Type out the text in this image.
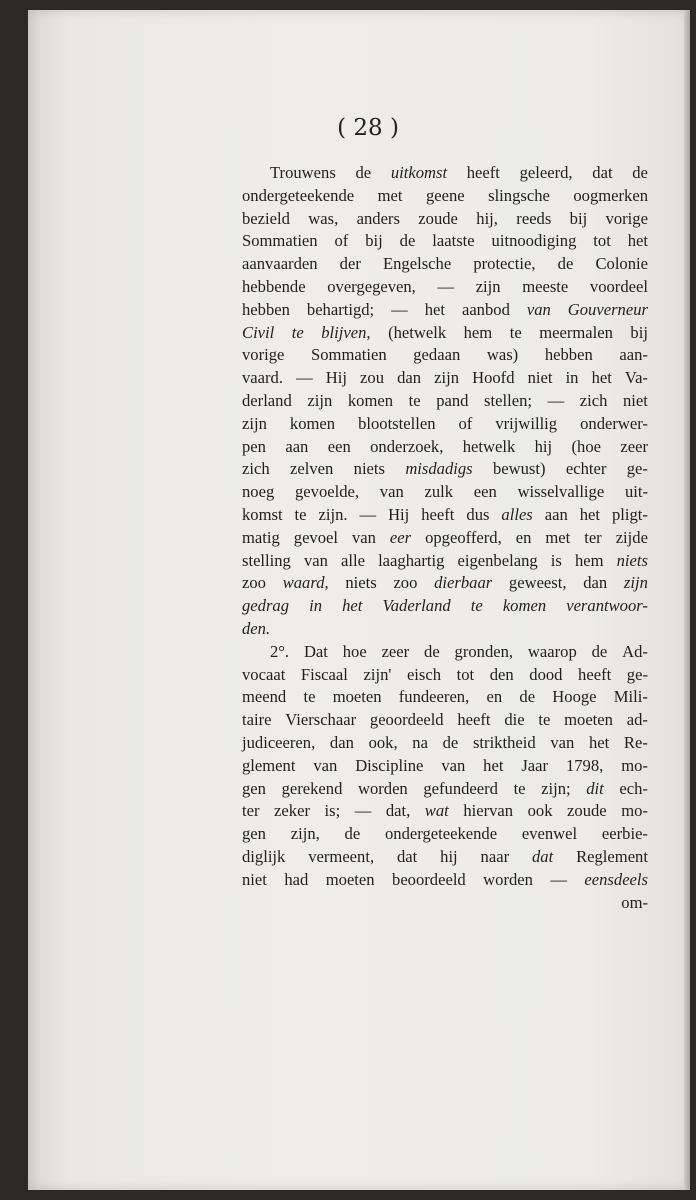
( 28 )
Trouwens de uitkomst heeft geleerd, dat de
ondergeteekende met geene slingsche oogmerken
bezield was, anders zoude hij, reeds bij vorige
Sommatien of bij de laatste uitnoodiging tot het
aanvaarden der Engelsche protectie, de Colonie
hebbende overgegeven, — zijn meeste voordeel
hebben behartigd; — het aanbod van Gouverneur
Civil te blijven, (hetwelk hem te meermalen bij
vorige Sommatien gedaan was) hebben aan-
vaard. — Hij zou dan zijn Hoofd niet in het Va-
derland zijn komen te pand stellen; — zich niet
zijn komen blootstellen of vrijwillig onderwer-
pen aan een onderzoek, hetwelk hij (hoe zeer
zich zelven niets misdadigs bewust) echter ge-
noeg gevoelde, van zulk een wisselvallige uit-
komst te zijn. — Hij heeft dus alles aan het pligt-
matig gevoel van eer opgeofferd, en met ter zijde
stelling van alle laaghartig eigenbelang is hem niets
zoo waard, niets zoo dierbaar geweest, dan zijn
gedrag in het Vaderland te komen verantwoor-
den.
2°. Dat hoe zeer de gronden, waarop de Ad-
vocaat Fiscaal zijn' eisch tot den dood heeft ge-
meend te moeten fundeeren, en de Hooge Mili-
taire Vierschaar geoordeeld heeft die te moeten ad-
judiceeren, dan ook, na de striktheid van het Re-
glement van Discipline van het Jaar 1798, mo-
gen gerekend worden gefundeerd te zijn; dit ech-
ter zeker is; — dat, wat hiervan ook zoude mo-
gen zijn, de ondergeteekende evenwel eerbie-
diglijk vermeent, dat hij naar dat Reglement
niet had moeten beoordeeld worden — eensdeels
om-
